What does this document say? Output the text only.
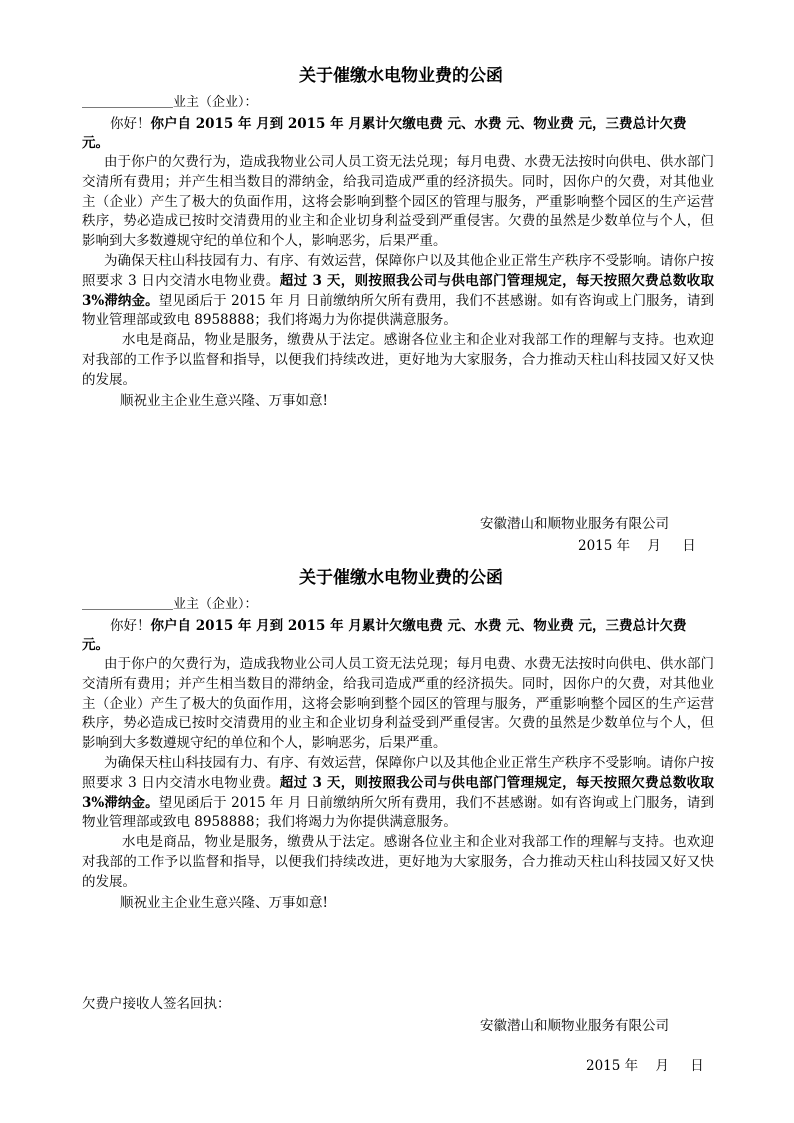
关于催缴水电物业费的公函

＿＿＿＿＿＿＿业主（企业）：
你好！你户自 2015 年 月到 2015 年 月累计欠缴电费 元、水费 元、物业费 元，三费总计欠费 元。
由于你户的欠费行为，造成我物业公司人员工资无法兑现；每月电费、水费无法按时向供电、供水部门交清所有费用；并产生相当数目的滞纳金，给我司造成严重的经济损失。同时，因你户的欠费，对其他业主（企业）产生了极大的负面作用，这将会影响到整个园区的管理与服务，严重影响整个园区的生产运营秩序，势必造成已按时交清费用的业主和企业切身利益受到严重侵害。欠费的虽然是少数单位与个人，但影响到大多数遵规守纪的单位和个人，影响恶劣，后果严重。
为确保天柱山科技园有力、有序、有效运营，保障你户以及其他企业正常生产秩序不受影响。请你户按照要求 3 日内交清水电物业费。超过 3 天，则按照我公司与供电部门管理规定，每天按照欠费总数收取 3%滞纳金。望见函后于 2015 年 月 日前缴纳所欠所有费用，我们不甚感谢。如有咨询或上门服务，请到物业管理部或致电 8958888；我们将竭力为你提供满意服务。
水电是商品，物业是服务，缴费从于法定。感谢各位业主和企业对我部工作的理解与支持。也欢迎对我部的工作予以监督和指导，以便我们持续改进，更好地为大家服务，合力推动天柱山科技园又好又快的发展。
顺祝业主企业生意兴隆、万事如意!
安徽潜山和顺物业服务有限公司
2015 年    月     日

关于催缴水电物业费的公函

＿＿＿＿＿＿＿业主（企业）：
你好！你户自 2015 年 月到 2015 年 月累计欠缴电费 元、水费 元、物业费 元，三费总计欠费 元。
由于你户的欠费行为，造成我物业公司人员工资无法兑现；每月电费、水费无法按时向供电、供水部门交清所有费用；并产生相当数目的滞纳金，给我司造成严重的经济损失。同时，因你户的欠费，对其他业主（企业）产生了极大的负面作用，这将会影响到整个园区的管理与服务，严重影响整个园区的生产运营秩序，势必造成已按时交清费用的业主和企业切身利益受到严重侵害。欠费的虽然是少数单位与个人，但影响到大多数遵规守纪的单位和个人，影响恶劣，后果严重。
为确保天柱山科技园有力、有序、有效运营，保障你户以及其他企业正常生产秩序不受影响。请你户按照要求 3 日内交清水电物业费。超过 3 天，则按照我公司与供电部门管理规定，每天按照欠费总数收取 3%滞纳金。望见函后于 2015 年 月 日前缴纳所欠所有费用，我们不甚感谢。如有咨询或上门服务，请到物业管理部或致电 8958888；我们将竭力为你提供满意服务。
水电是商品，物业是服务，缴费从于法定。感谢各位业主和企业对我部工作的理解与支持。也欢迎对我部的工作予以监督和指导，以便我们持续改进，更好地为大家服务，合力推动天柱山科技园又好又快的发展。
顺祝业主企业生意兴隆、万事如意!
欠费户接收人签名回执：
安徽潜山和顺物业服务有限公司
2015 年    月     日
